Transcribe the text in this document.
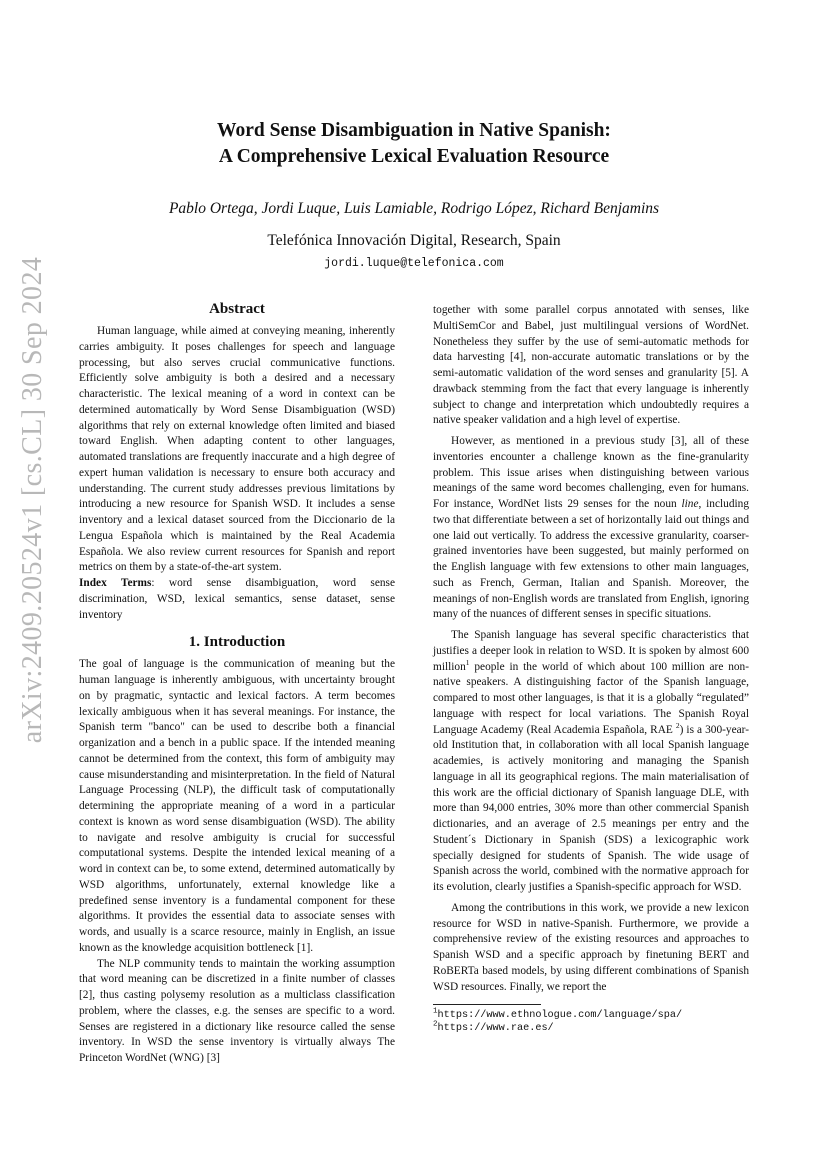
arXiv:2409.20524v1 [cs.CL] 30 Sep 2024
Word Sense Disambiguation in Native Spanish:
A Comprehensive Lexical Evaluation Resource
Pablo Ortega, Jordi Luque, Luis Lamiable, Rodrigo López, Richard Benjamins
Telefónica Innovación Digital, Research, Spain
jordi.luque@telefonica.com
Abstract

Human language, while aimed at conveying meaning, inherently carries ambiguity. It poses challenges for speech and language processing, but also serves crucial communicative functions. Efficiently solve ambiguity is both a desired and a necessary characteristic. The lexical meaning of a word in context can be determined automatically by Word Sense Disambiguation (WSD) algorithms that rely on external knowledge often limited and biased toward English. When adapting content to other languages, automated translations are frequently inaccurate and a high degree of expert human validation is necessary to ensure both accuracy and understanding. The current study addresses previous limitations by introducing a new resource for Spanish WSD. It includes a sense inventory and a lexical dataset sourced from the Diccionario de la Lengua Española which is maintained by the Real Academia Española. We also review current resources for Spanish and report metrics on them by a state-of-the-art system.

Index Terms: word sense disambiguation, word sense discrimination, WSD, lexical semantics, sense dataset, sense inventory

1. Introduction

The goal of language is the communication of meaning but the human language is inherently ambiguous, with uncertainty brought on by pragmatic, syntactic and lexical factors. A term becomes lexically ambiguous when it has several meanings. For instance, the Spanish term "banco" can be used to describe both a financial organization and a bench in a public space. If the intended meaning cannot be determined from the context, this form of ambiguity may cause misunderstanding and misinterpretation. In the field of Natural Language Processing (NLP), the difficult task of computationally determining the appropriate meaning of a word in a particular context is known as word sense disambiguation (WSD). The ability to navigate and resolve ambiguity is crucial for successful computational systems. Despite the intended lexical meaning of a word in context can be, to some extend, determined automatically by WSD algorithms, unfortunately, external knowledge like a predefined sense inventory is a fundamental component for these algorithms. It provides the essential data to associate senses with words, and usually is a scarce resource, mainly in English, an issue known as the knowledge acquisition bottleneck [1].

The NLP community tends to maintain the working assumption that word meaning can be discretized in a finite number of classes [2], thus casting polysemy resolution as a multiclass classification problem, where the classes, e.g. the senses are specific to a word. Senses are registered in a dictionary like resource called the sense inventory. In WSD the sense inventory is virtually always The Princeton WordNet (WNG) [3]

together with some parallel corpus annotated with senses, like MultiSemCor and Babel, just multilingual versions of WordNet. Nonetheless they suffer by the use of semi-automatic methods for data harvesting [4], non-accurate automatic translations or by the semi-automatic validation of the word senses and granularity [5]. A drawback stemming from the fact that every language is inherently subject to change and interpretation which undoubtedly requires a native speaker validation and a high level of expertise.

However, as mentioned in a previous study [3], all of these inventories encounter a challenge known as the fine-granularity problem. This issue arises when distinguishing between various meanings of the same word becomes challenging, even for humans. For instance, WordNet lists 29 senses for the noun line, including two that differentiate between a set of horizontally laid out things and one laid out vertically. To address the excessive granularity, coarser-grained inventories have been suggested, but mainly performed on the English language with few extensions to other main languages, such as French, German, Italian and Spanish. Moreover, the meanings of non-English words are translated from English, ignoring many of the nuances of different senses in specific situations.

The Spanish language has several specific characteristics that justifies a deeper look in relation to WSD. It is spoken by almost 600 million$^1$ people in the world of which about 100 million are non-native speakers. A distinguishing factor of the Spanish language, compared to most other languages, is that it is a globally “regulated” language with respect for local variations. The Spanish Royal Language Academy (Real Academia Española, RAE $^2$) is a 300-year-old Institution that, in collaboration with all local Spanish language academies, is actively monitoring and managing the Spanish language in all its geographical regions. The main materialisation of this work are the official dictionary of Spanish language DLE, with more than 94,000 entries, 30% more than other commercial Spanish dictionaries, and an average of 2.5 meanings per entry and the Student´s Dictionary in Spanish (SDS) a lexicographic work specially designed for students of Spanish. The wide usage of Spanish across the world, combined with the normative approach for its evolution, clearly justifies a Spanish-specific approach for WSD.

Among the contributions in this work, we provide a new lexicon resource for WSD in native-Spanish. Furthermore, we provide a comprehensive review of the existing resources and approaches to Spanish WSD and a specific approach by finetuning BERT and RoBERTa based models, by using different combinations of Spanish WSD resources. Finally, we report the

$^1$https://www.ethnologue.com/language/spa/
$^2$https://www.rae.es/
